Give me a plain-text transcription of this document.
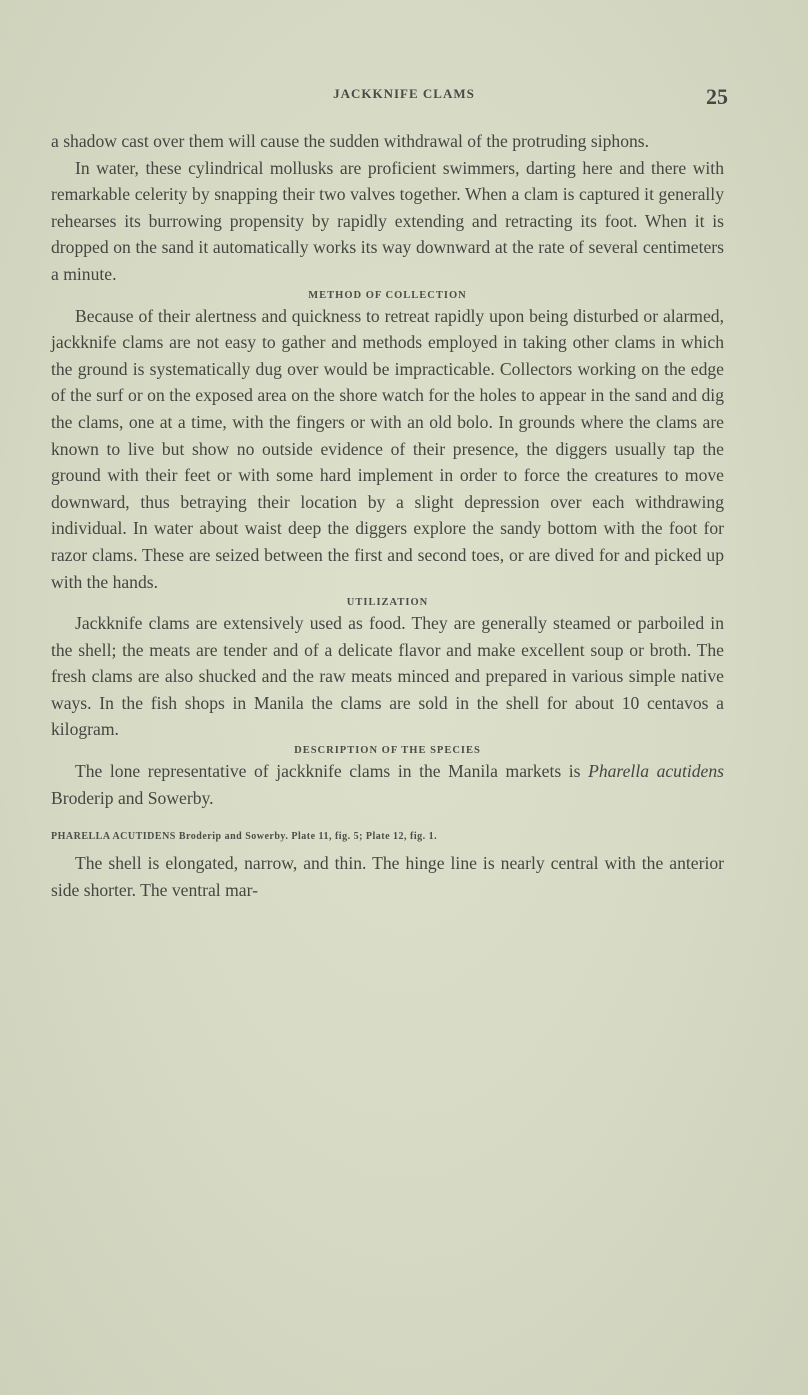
JACKKNIFE CLAMS	25

a shadow cast over them will cause the sudden withdrawal of the protruding siphons.

In water, these cylindrical mollusks are proficient swimmers, darting here and there with remarkable celerity by snapping their two valves together. When a clam is captured it generally rehearses its burrowing propensity by rapidly extending and retracting its foot. When it is dropped on the sand it automatically works its way downward at the rate of several centimeters a minute.

METHOD OF COLLECTION

Because of their alertness and quickness to retreat rapidly upon being disturbed or alarmed, jackknife clams are not easy to gather and methods employed in taking other clams in which the ground is systematically dug over would be impracticable. Collectors working on the edge of the surf or on the exposed area on the shore watch for the holes to appear in the sand and dig the clams, one at a time, with the fingers or with an old bolo. In grounds where the clams are known to live but show no outside evidence of their presence, the diggers usually tap the ground with their feet or with some hard implement in order to force the creatures to move downward, thus betraying their location by a slight depression over each withdrawing individual. In water about waist deep the diggers explore the sandy bottom with the foot for razor clams. These are seized between the first and second toes, or are dived for and picked up with the hands.

UTILIZATION

Jackknife clams are extensively used as food. They are generally steamed or parboiled in the shell; the meats are tender and of a delicate flavor and make excellent soup or broth. The fresh clams are also shucked and the raw meats minced and prepared in various simple native ways. In the fish shops in Manila the clams are sold in the shell for about 10 centavos a kilogram.

DESCRIPTION OF THE SPECIES

The lone representative of jackknife clams in the Manila markets is Pharella acutidens Broderip and Sowerby.

PHARELLA ACUTIDENS Broderip and Sowerby. Plate 11, fig. 5; Plate 12, fig. 1.

The shell is elongated, narrow, and thin. The hinge line is nearly central with the anterior side shorter. The ventral mar-
